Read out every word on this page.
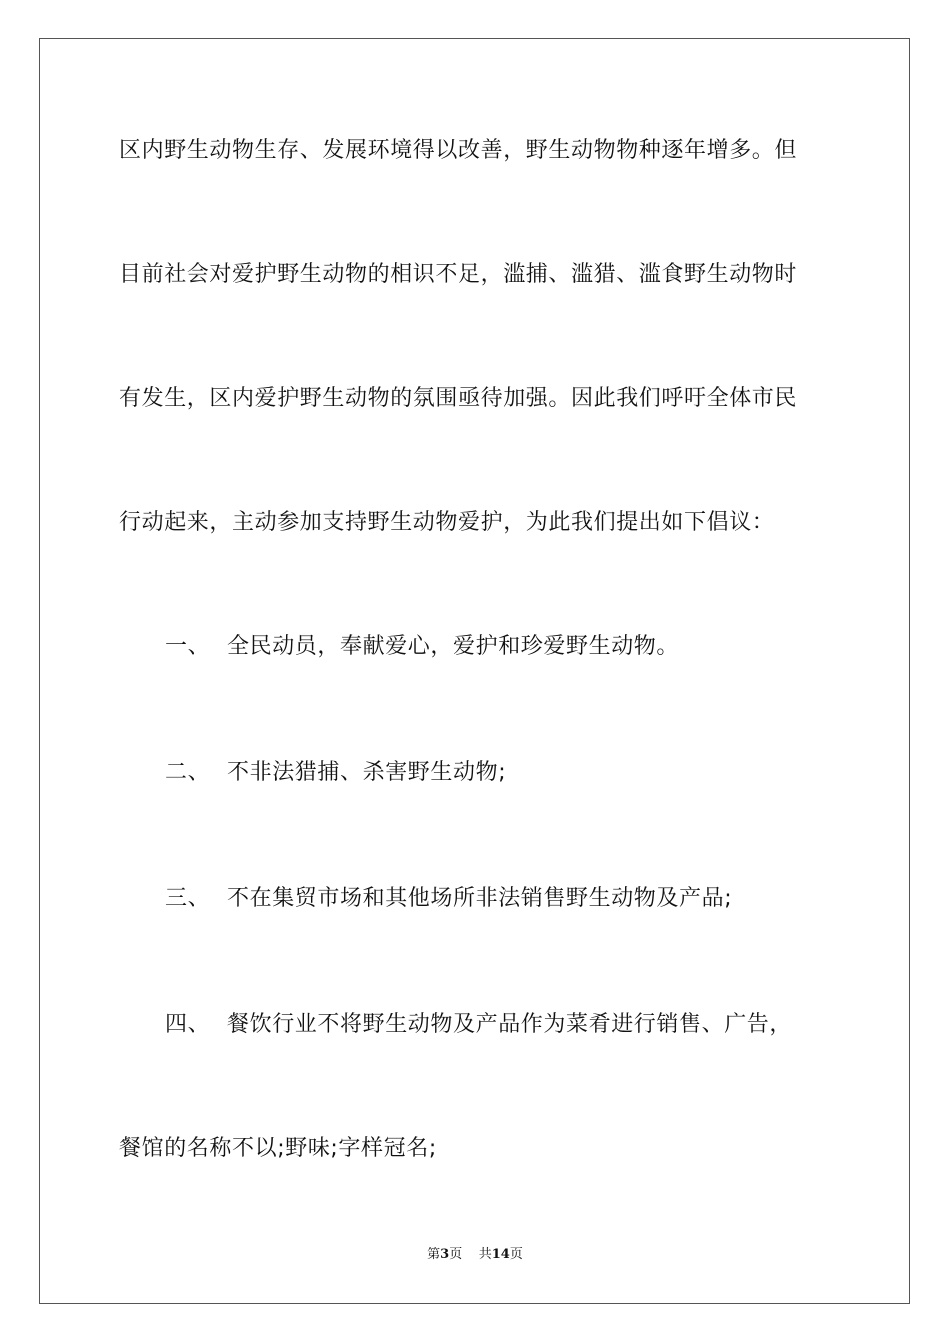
区内野生动物生存、发展环境得以改善，野生动物物种逐年增多。但
目前社会对爱护野生动物的相识不足，滥捕、滥猎、滥食野生动物时
有发生，区内爱护野生动物的氛围亟待加强。因此我们呼吁全体市民
行动起来，主动参加支持野生动物爱护，为此我们提出如下倡议：
一、 全民动员，奉献爱心，爱护和珍爱野生动物。
二、 不非法猎捕、杀害野生动物;
三、 不在集贸市场和其他场所非法销售野生动物及产品;
四、 餐饮行业不将野生动物及产品作为菜肴进行销售、广告，
餐馆的名称不以;野味;字样冠名;
第3页 共14页
